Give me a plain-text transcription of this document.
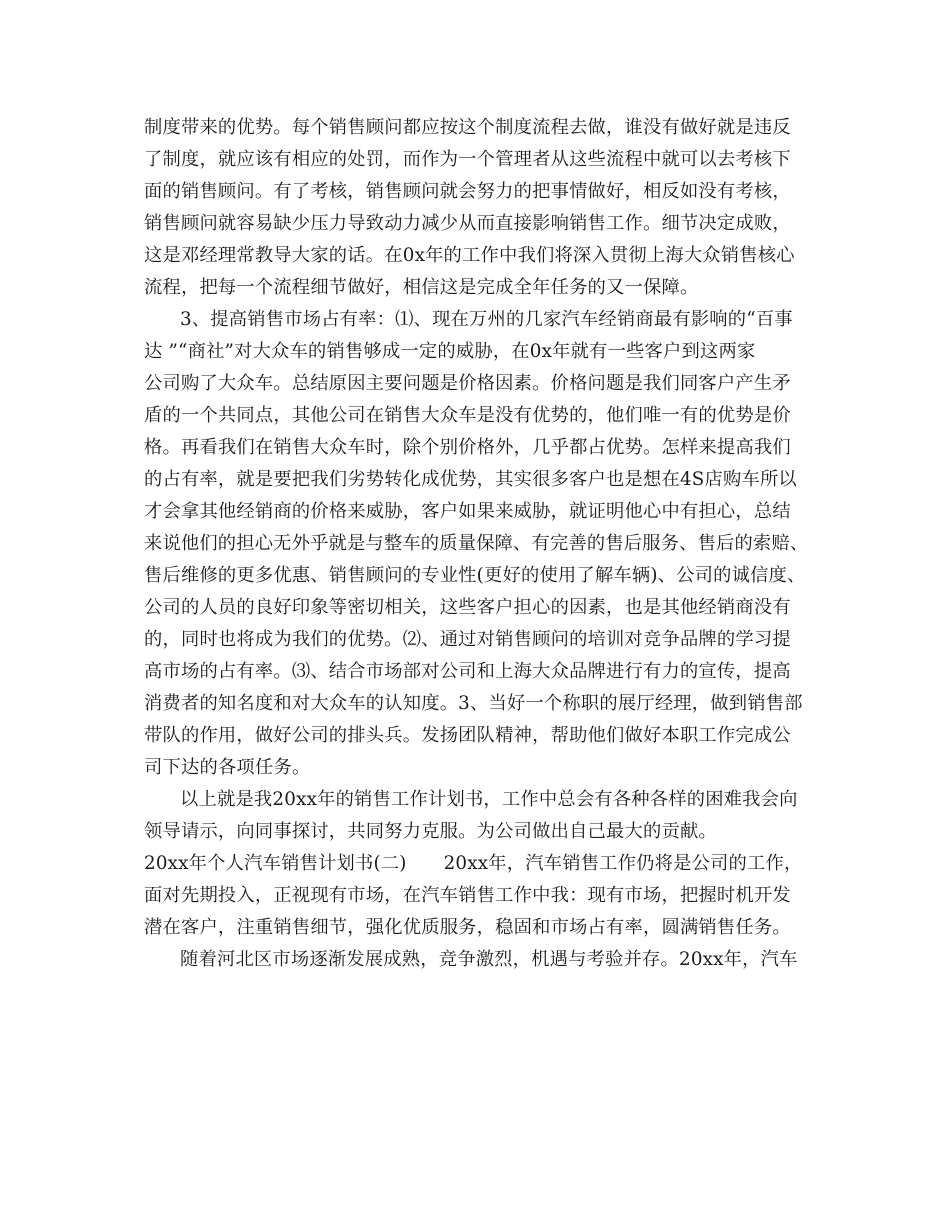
制度带来的优势。每个销售顾问都应按这个制度流程去做，谁没有做好就是违反
了制度，就应该有相应的处罚，而作为一个管理者从这些流程中就可以去考核下
面的销售顾问。有了考核，销售顾问就会努力的把事情做好，相反如没有考核，
销售顾问就容易缺少压力导致动力减少从而直接影响销售工作。细节决定成败，
这是邓经理常教导大家的话。在0x年的工作中我们将深入贯彻上海大众销售核心
流程，把每一个流程细节做好，相信这是完成全年任务的又一保障。
3、提高销售市场占有率：⑴、现在万州的几家汽车经销商最有影响的“百事
达 ”“商社”对大众车的销售够成一定的威胁，在0x年就有一些客户到这两家
公司购了大众车。总结原因主要问题是价格因素。价格问题是我们同客户产生矛
盾的一个共同点，其他公司在销售大众车是没有优势的，他们唯一有的优势是价
格。再看我们在销售大众车时，除个别价格外，几乎都占优势。怎样来提高我们
的占有率，就是要把我们劣势转化成优势，其实很多客户也是想在4S店购车所以
才会拿其他经销商的价格来威胁，客户如果来威胁，就证明他心中有担心，总结
来说他们的担心无外乎就是与整车的质量保障、有完善的售后服务、售后的索赔、
售后维修的更多优惠、销售顾问的专业性(更好的使用了解车辆)、公司的诚信度、
公司的人员的良好印象等密切相关，这些客户担心的因素，也是其他经销商没有
的，同时也将成为我们的优势。⑵、通过对销售顾问的培训对竞争品牌的学习提
高市场的占有率。⑶、结合市场部对公司和上海大众品牌进行有力的宣传，提高
消费者的知名度和对大众车的认知度。3、当好一个称职的展厅经理，做到销售部
带队的作用，做好公司的排头兵。发扬团队精神，帮助他们做好本职工作完成公
司下达的各项任务。
以上就是我20xx年的销售工作计划书，工作中总会有各种各样的困难我会向
领导请示，向同事探讨，共同努力克服。为公司做出自己最大的贡献。
20xx年个人汽车销售计划书(二)　　20xx年，汽车销售工作仍将是公司的工作，
面对先期投入，正视现有市场，在汽车销售工作中我：现有市场，把握时机开发
潜在客户，注重销售细节，强化优质服务，稳固和市场占有率，圆满销售任务。
随着河北区市场逐渐发展成熟，竞争激烈，机遇与考验并存。20xx年，汽车
